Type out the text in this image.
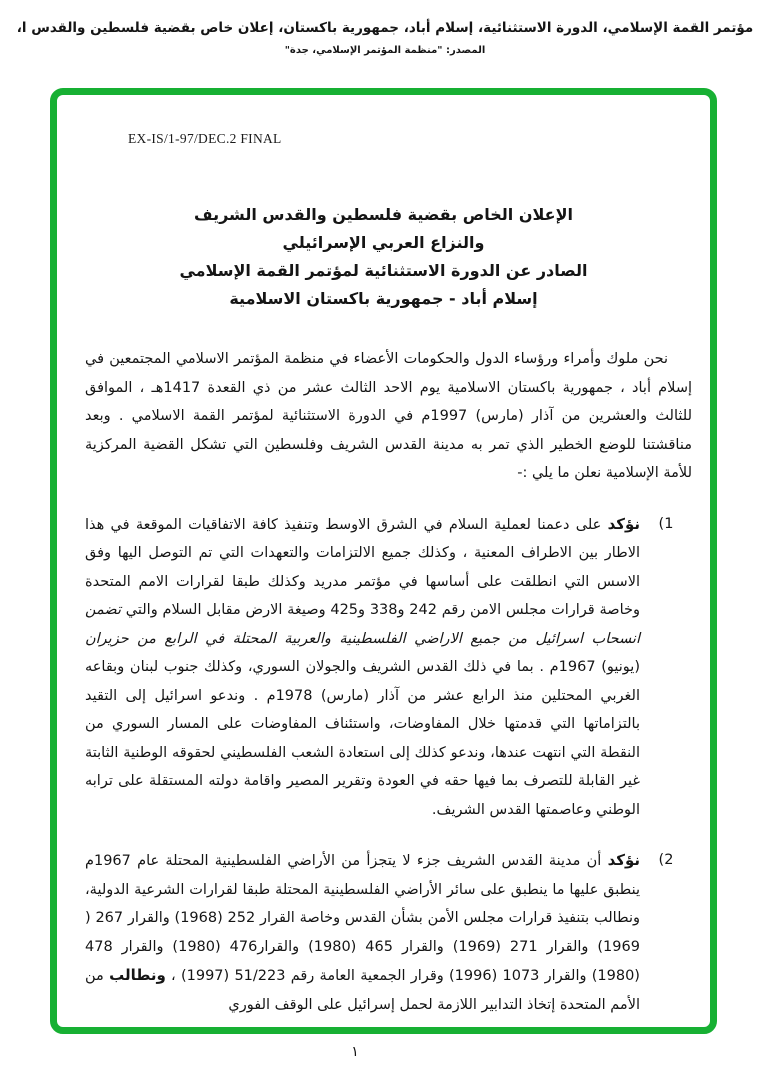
مؤتمر القمة الإسلامي، الدورة الاستثنائية، إسلام أباد، جمهورية باكستان، إعلان خاص بقضية فلسطين والقدس ا،
المصدر: "منظمة المؤتمر الإسلامي، جدة"
EX-IS/1-97/DEC.2 FINAL
الإعلان الخاص بقضية فلسطين والقدس الشريف
والنزاع العربي الإسرائيلي
الصادر عن الدورة الاستثنائية لمؤتمر القمة الإسلامي
إسلام أباد - جمهورية باكستان الاسلامية

نحن ملوك وأمراء ورؤساء الدول والحكومات الأعضاء في منظمة المؤتمر الاسلامي المجتمعين في إسلام أباد ، جمهورية باكستان الاسلامية يوم الاحد الثالث عشر من ذي القعدة 1417هـ ، الموافق للثالث والعشرين من آذار (مارس) 1997م في الدورة الاستثنائية لمؤتمر القمة الاسلامي . وبعد مناقشتنا للوضع الخطير الذي تمر به مدينة القدس الشريف وفلسطين التي تشكل القضية المركزية للأمة الإسلامية نعلن ما يلي :-

(1

نؤكد على دعمنا لعملية السلام في الشرق الاوسط وتنفيذ كافة الاتفاقيات الموقعة في هذا الاطار بين الاطراف المعنية ، وكذلك جميع الالتزامات والتعهدات التي تم التوصل اليها وفق الاسس التي انطلقت على أساسها في مؤتمر مدريد وكذلك طبقا لقرارات الامم المتحدة وخاصة قرارات مجلس الامن رقم 242 و338 و425 وصيغة الارض مقابل السلام والتي تضمن انسحاب اسرائيل من جميع الاراضي الفلسطينية والعربية المحتلة في الرابع من حزيران (يونيو) 1967م . بما في ذلك القدس الشريف والجولان السوري، وكذلك جنوب لبنان وبقاعه الغربي المحتلين منذ الرابع عشر من آذار (مارس) 1978م . وندعو اسرائيل إلى التقيد بالتزاماتها التي قدمتها خلال المفاوضات، واستئناف المفاوضات على المسار السوري من النقطة التي انتهت عندها، وندعو كذلك إلى استعادة الشعب الفلسطيني لحقوقه الوطنية الثابتة غير القابلة للتصرف بما فيها حقه في العودة وتقرير المصير واقامة دولته المستقلة على ترابه الوطني وعاصمتها القدس الشريف.

(2

نؤكد أن مدينة القدس الشريف جزء لا يتجزأ من الأراضي الفلسطينية المحتلة عام 1967م ينطبق عليها ما ينطبق على سائر الأراضي الفلسطينية المحتلة طبقا لقرارات الشرعية الدولية، ونطالب بتنفيذ قرارات مجلس الأمن بشأن القدس وخاصة القرار 252 (1968) والقرار 267 ( 1969) والقرار 271 (1969) والقرار 465 (1980) والقرار476 (1980) والقرار 478 (1980) والقرار 1073 (1996) وقرار الجمعية العامة رقم 51/223 (1997) ، ونطالب من الأمم المتحدة إتخاذ التدابير اللازمة لحمل إسرائيل على الوقف الفوري

١
